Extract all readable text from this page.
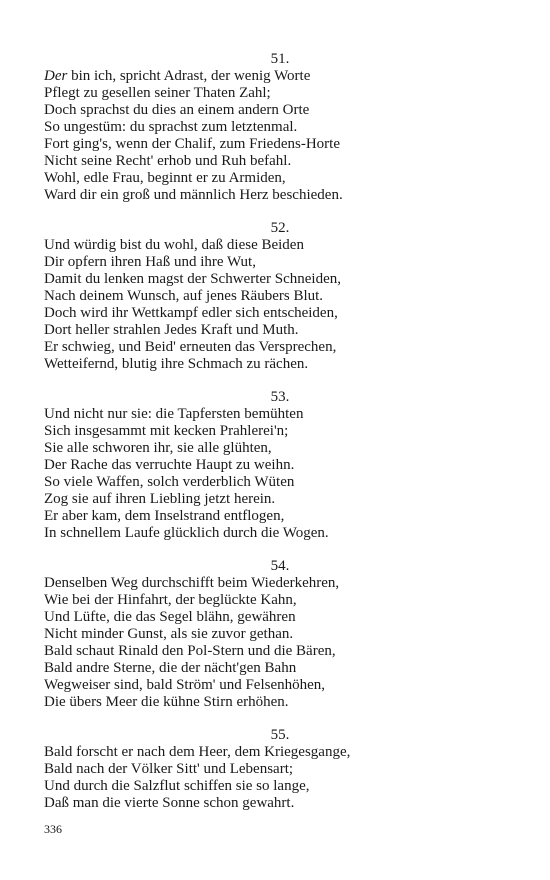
51.
Der bin ich, spricht Adrast, der wenig Worte
Pflegt zu gesellen seiner Thaten Zahl;
Doch sprachst du dies an einem andern Orte
So ungestüm: du sprachst zum letztenmal.
Fort ging's, wenn der Chalif, zum Friedens-Horte
Nicht seine Recht' erhob und Ruh befahl.
Wohl, edle Frau, beginnt er zu Armiden,
Ward dir ein groß und männlich Herz beschieden.
52.
Und würdig bist du wohl, daß diese Beiden
Dir opfern ihren Haß und ihre Wut,
Damit du lenken magst der Schwerter Schneiden,
Nach deinem Wunsch, auf jenes Räubers Blut.
Doch wird ihr Wettkampf edler sich entscheiden,
Dort heller strahlen Jedes Kraft und Muth.
Er schwieg, und Beid' erneuten das Versprechen,
Wetteifernd, blutig ihre Schmach zu rächen.
53.
Und nicht nur sie: die Tapfersten bemühten
Sich insgesammt mit kecken Prahlerei'n;
Sie alle schworen ihr, sie alle glühten,
Der Rache das verruchte Haupt zu weihn.
So viele Waffen, solch verderblich Wüten
Zog sie auf ihren Liebling jetzt herein.
Er aber kam, dem Inselstrand entflogen,
In schnellem Laufe glücklich durch die Wogen.
54.
Denselben Weg durchschifft beim Wiederkehren,
Wie bei der Hinfahrt, der beglückte Kahn,
Und Lüfte, die das Segel blähn, gewähren
Nicht minder Gunst, als sie zuvor gethan.
Bald schaut Rinald den Pol-Stern und die Bären,
Bald andre Sterne, die der nächt'gen Bahn
Wegweiser sind, bald Ström' und Felsenhöhen,
Die übers Meer die kühne Stirn erhöhen.
55.
Bald forscht er nach dem Heer, dem Kriegesgange,
Bald nach der Völker Sitt' und Lebensart;
Und durch die Salzflut schiffen sie so lange,
Daß man die vierte Sonne schon gewahrt.
336
